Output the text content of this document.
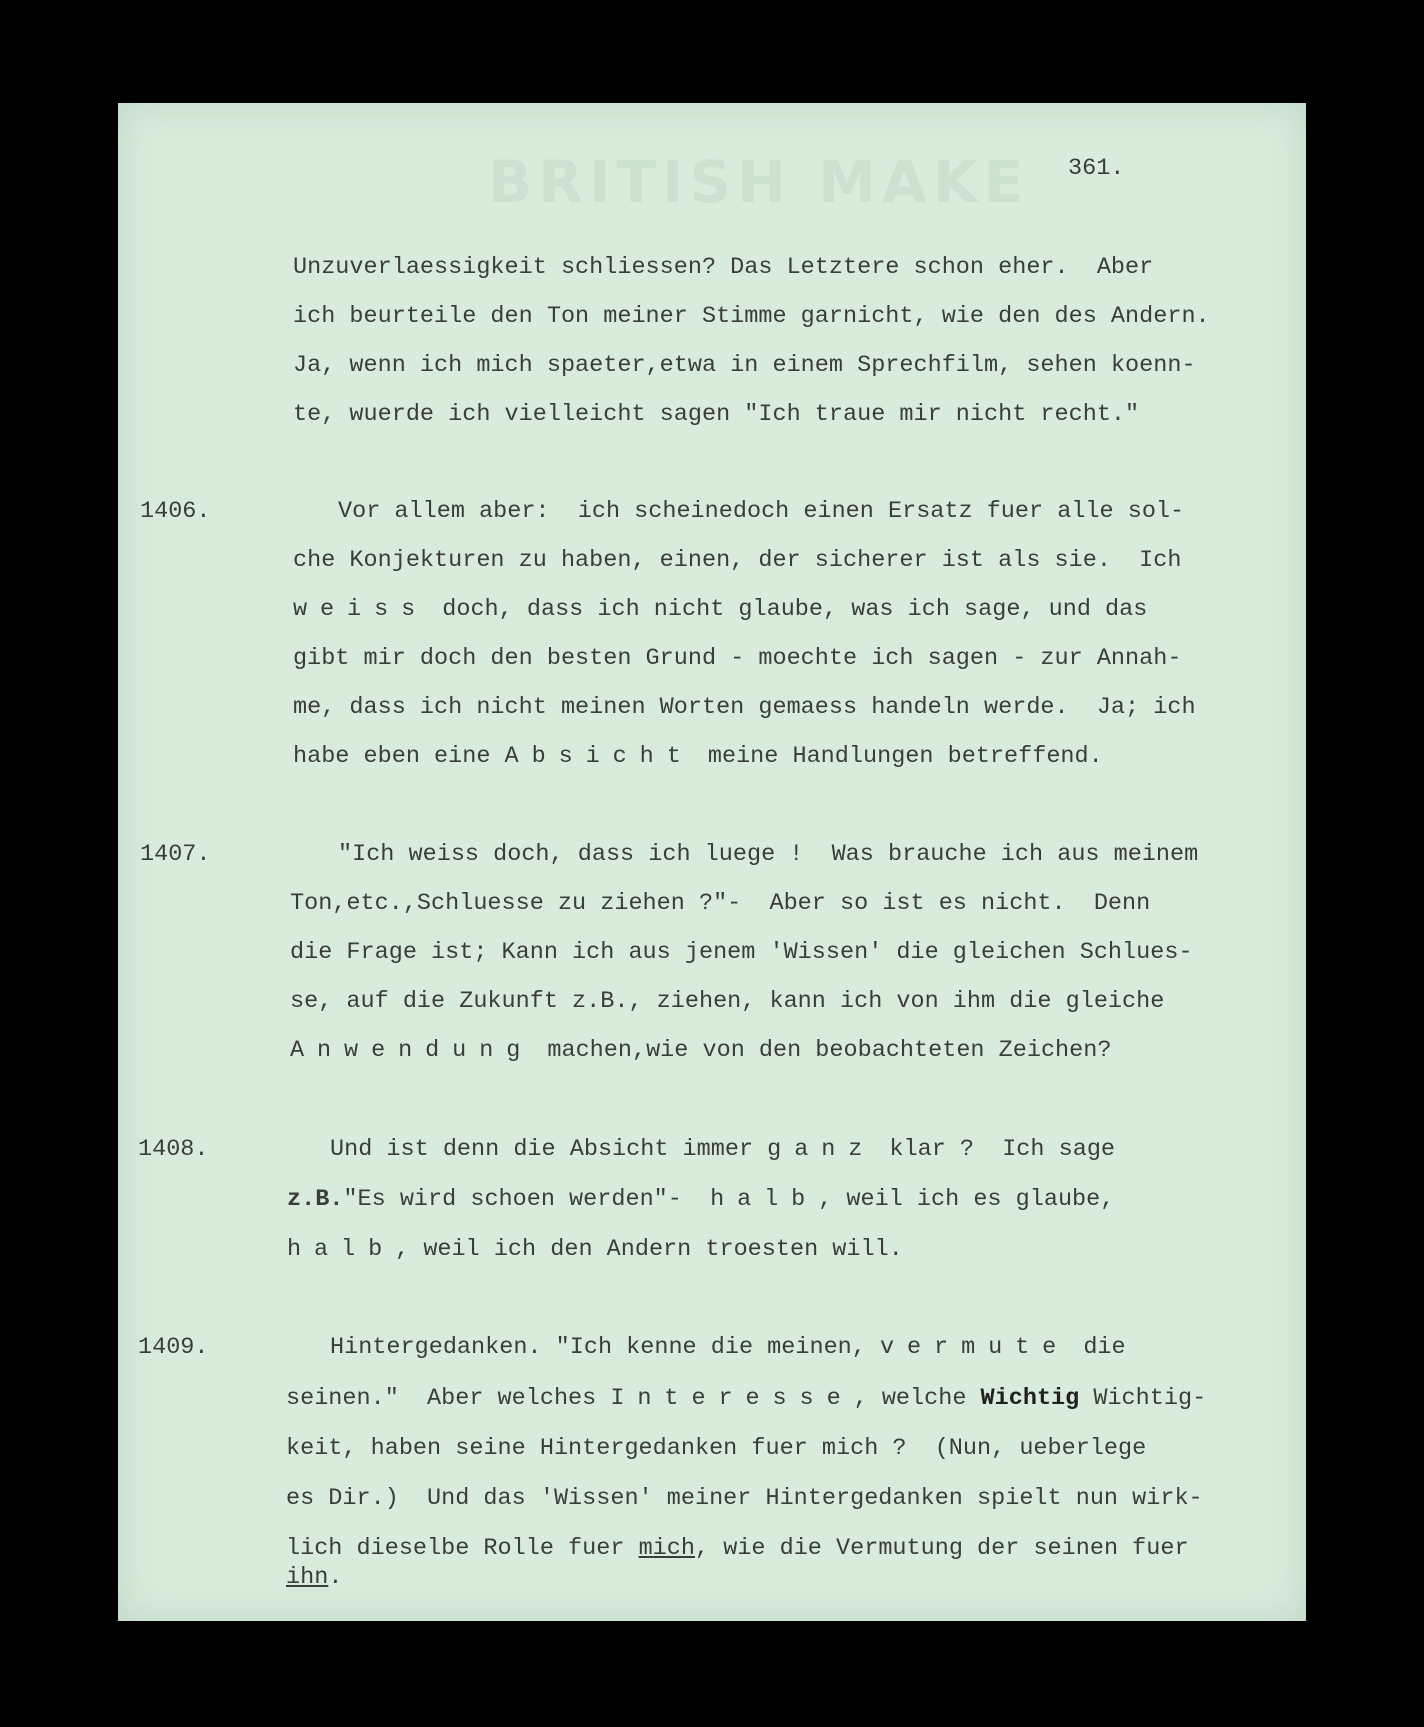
BRITISH MAKE 361.
Unzuverlaessigkeit schliessen? Das Letztere schon eher.  Aber
ich beurteile den Ton meiner Stimme garnicht, wie den des Andern.
Ja, wenn ich mich spaeter,etwa in einem Sprechfilm, sehen koenn-
te, wuerde ich vielleicht sagen "Ich traue mir nicht recht."
1406.	Vor allem aber:  ich scheinedoch einen Ersatz fuer alle sol-
che Konjekturen zu haben, einen, der sicherer ist als sie.  Ich
weiss doch, dass ich nicht glaube, was ich sage, und das
gibt mir doch den besten Grund - moechte ich sagen - zur Annah-
me, dass ich nicht meinen Worten gemaess handeln werde.  Ja; ich
habe eben eine Absicht meine Handlungen betreffend.
1407.	"Ich weiss doch, dass ich luege !  Was brauche ich aus meinem
Ton,etc.,Schluesse zu ziehen ?"-  Aber so ist es nicht.  Denn
die Frage ist; Kann ich aus jenem 'Wissen' die gleichen Schlues-
se, auf die Zukunft z.B., ziehen, kann ich von ihm die gleiche
Anwendung machen,wie von den beobachteten Zeichen?
1408.	Und ist denn die Absicht immer ganz klar ?  Ich sage
z.B."Es wird schoen werden"-  halb, weil ich es glaube,
halb, weil ich den Andern troesten will.
1409.	Hintergedanken. "Ich kenne die meinen, vermute die
seinen."  Aber welches Interesse, welche Wichtig Wichtig-
keit, haben seine Hintergedanken fuer mich ?  (Nun, ueberlege
es Dir.)  Und das 'Wissen' meiner Hintergedanken spielt nun wirk-
lich dieselbe Rolle fuer mich, wie die Vermutung der seinen fuer
ihn.
